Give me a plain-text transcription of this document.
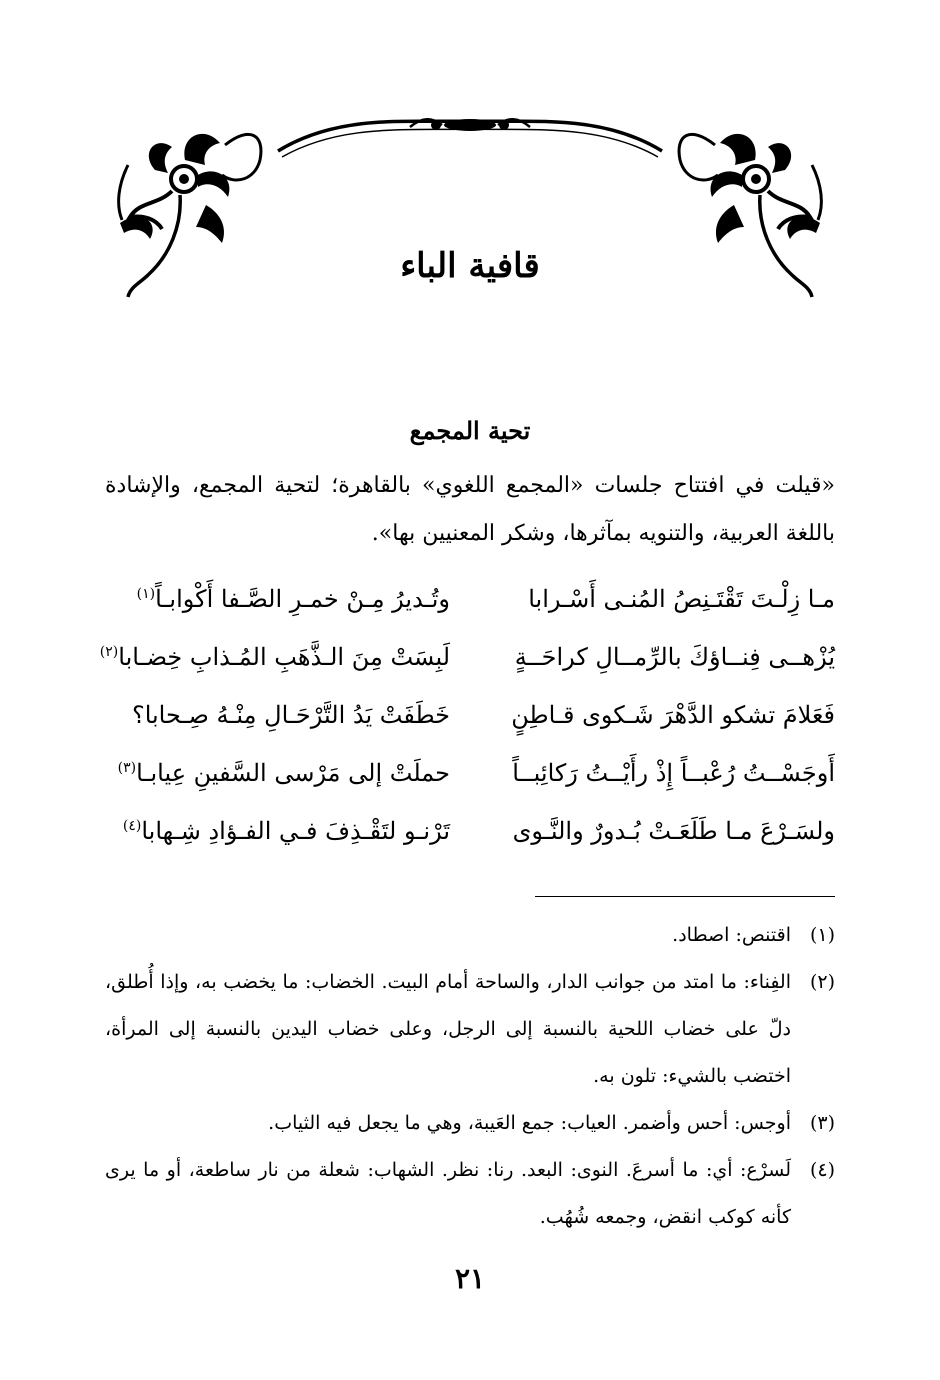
قافية الباء
تحية المجمع
«قيلت في افتتاح جلسات «المجمع اللغوي» بالقاهرة؛ لتحية المجمع، والإشادة باللغة العربية، والتنويه بمآثرها، وشكر المعنيين بها».
مـا زِلْـتَ تَقْتَـنِصُ المُنـى أَسْـرابا
وتُـديرُ مِـنْ خمـرِ الصَّـفا أَكْوابـاً$^{(١)}$
يُزْهــى فِنــاؤكَ بالرِّمــالِ كراحَــةٍ
لَبِسَتْ مِنَ الـذَّهَبِ المُـذابِ خِضـابا$^{(٢)}$
فَعَلامَ تشكو الدَّهْرَ شَـكوى قـاطِنٍ
خَطَفَتْ يَدُ التَّرْحَـالِ مِنْـهُ صِـحابا؟
أَوجَسْــتُ رُعْبــاً إِذْ رأَيْــتُ رَكائِبــاً
حملَتْ إلى مَرْسى السَّفينِ عِيابـا$^{(٣)}$
ولسَـرْعَ مـا طَلَعَـتْ بُـدورٌ والنَّـوى
تَرْنـو لتَقْـذِفَ فـي الفـؤادِ شِـهابا$^{(٤)}$
(١)
اقتنص: اصطاد.
(٢)
الفِناء: ما امتد من جوانب الدار، والساحة أمام البيت. الخضاب: ما يخضب به، وإذا أُطلق، دلّ على خضاب اللحية بالنسبة إلى الرجل، وعلى خضاب اليدين بالنسبة إلى المرأة، اختضب بالشيء: تلون به.
(٣)
أوجس: أحس وأضمر. العياب: جمع العَيبة، وهي ما يجعل فيه الثياب.
(٤)
لَسرْع: أي: ما أسرعَ. النوى: البعد. رنا: نظر. الشهاب: شعلة من نار ساطعة، أو ما يرى كأنه كوكب انقض، وجمعه شُهُب.
٢١
